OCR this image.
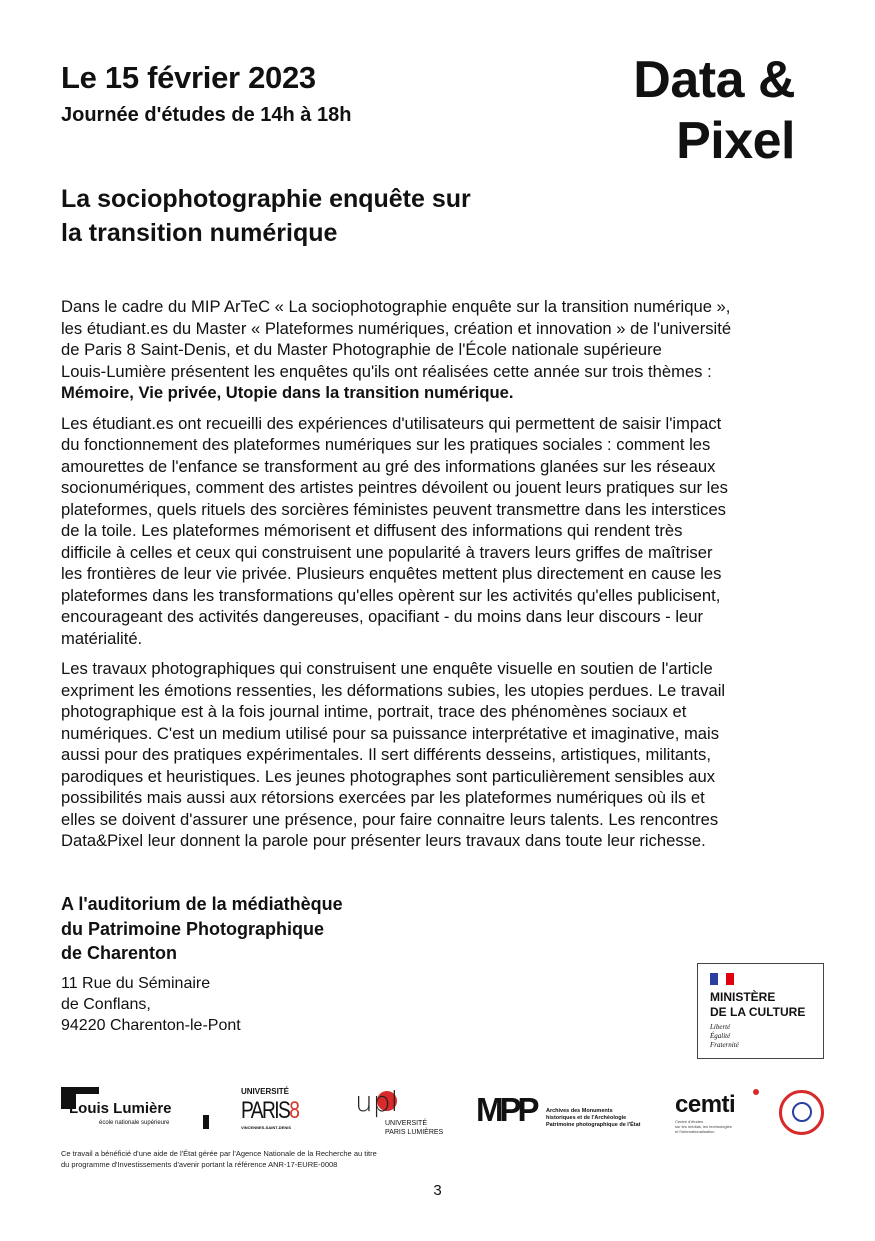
Le 15 février 2023
Journée d'études de 14h à 18h
Data &
Pixel
La sociophotographie enquête sur
la transition numérique
Dans le cadre du MIP ArTeC « La sociophotographie enquête sur la transition numérique »,
les étudiant.es du Master « Plateformes numériques, création et innovation » de l'université
de Paris 8 Saint-Denis, et du Master Photographie de l'École nationale supérieure
Louis-Lumière présentent les enquêtes qu'ils ont réalisées cette année sur trois thèmes :
Mémoire, Vie privée, Utopie dans la transition numérique.
Les étudiant.es ont recueilli des expériences d'utilisateurs qui permettent de saisir l'impact
du fonctionnement des plateformes numériques sur les pratiques sociales : comment les
amourettes de l'enfance se transforment au gré des informations glanées sur les réseaux
socionumériques, comment des artistes peintres dévoilent ou jouent leurs pratiques sur les
plateformes, quels rituels des sorcières féministes peuvent transmettre dans les interstices
de la toile. Les plateformes mémorisent et diffusent des informations qui rendent très
difficile à celles et ceux qui construisent une popularité à travers leurs griffes de maîtriser
les frontières de leur vie privée. Plusieurs enquêtes mettent plus directement en cause les
plateformes dans les transformations qu'elles opèrent sur les activités qu'elles publicisent,
encourageant des activités dangereuses, opacifiant - du moins dans leur discours - leur
matérialité.
Les travaux photographiques qui construisent une enquête visuelle en soutien de l'article
expriment les émotions ressenties, les déformations subies, les utopies perdues. Le travail
photographique est à la fois journal intime, portrait, trace des phénomènes sociaux et
numériques. C'est un medium utilisé pour sa puissance interprétative et imaginative, mais
aussi pour des pratiques expérimentales. Il sert différents desseins, artistiques, militants,
parodiques et heuristiques. Les jeunes photographes sont particulièrement sensibles aux
possibilités mais aussi aux rétorsions exercées par les plateformes numériques où ils et
elles se doivent d'assurer une présence, pour faire connaitre leurs talents. Les rencontres
Data&Pixel leur donnent la parole pour présenter leurs travaux dans toute leur richesse.
A l'auditorium de la médiathèque
du Patrimoine Photographique
de Charenton
11 Rue du Séminaire
de Conflans,
94220 Charenton-le-Pont
MINISTÈRE
DE LA CULTURE
Liberté
Égalité
Fraternité
Louis Lumière
école nationale supérieure
UNIVERSITÉ
PARIS8
VINCENNES-SAINT-DENIS
upl
UNIVERSITÉ
PARIS LUMIÈRES
MPP Archives des Monuments
historiques et de l'Archéologie
Patrimoine photographique de l'État
cemti
Centre d'études
sur les médias, les technologies
et l'internationalisation
Ce travail a bénéficié d'une aide de l'État gérée par l'Agence Nationale de la Recherche au titre
du programme d'Investissements d'avenir portant la référence ANR-17-EURE-0008
3
